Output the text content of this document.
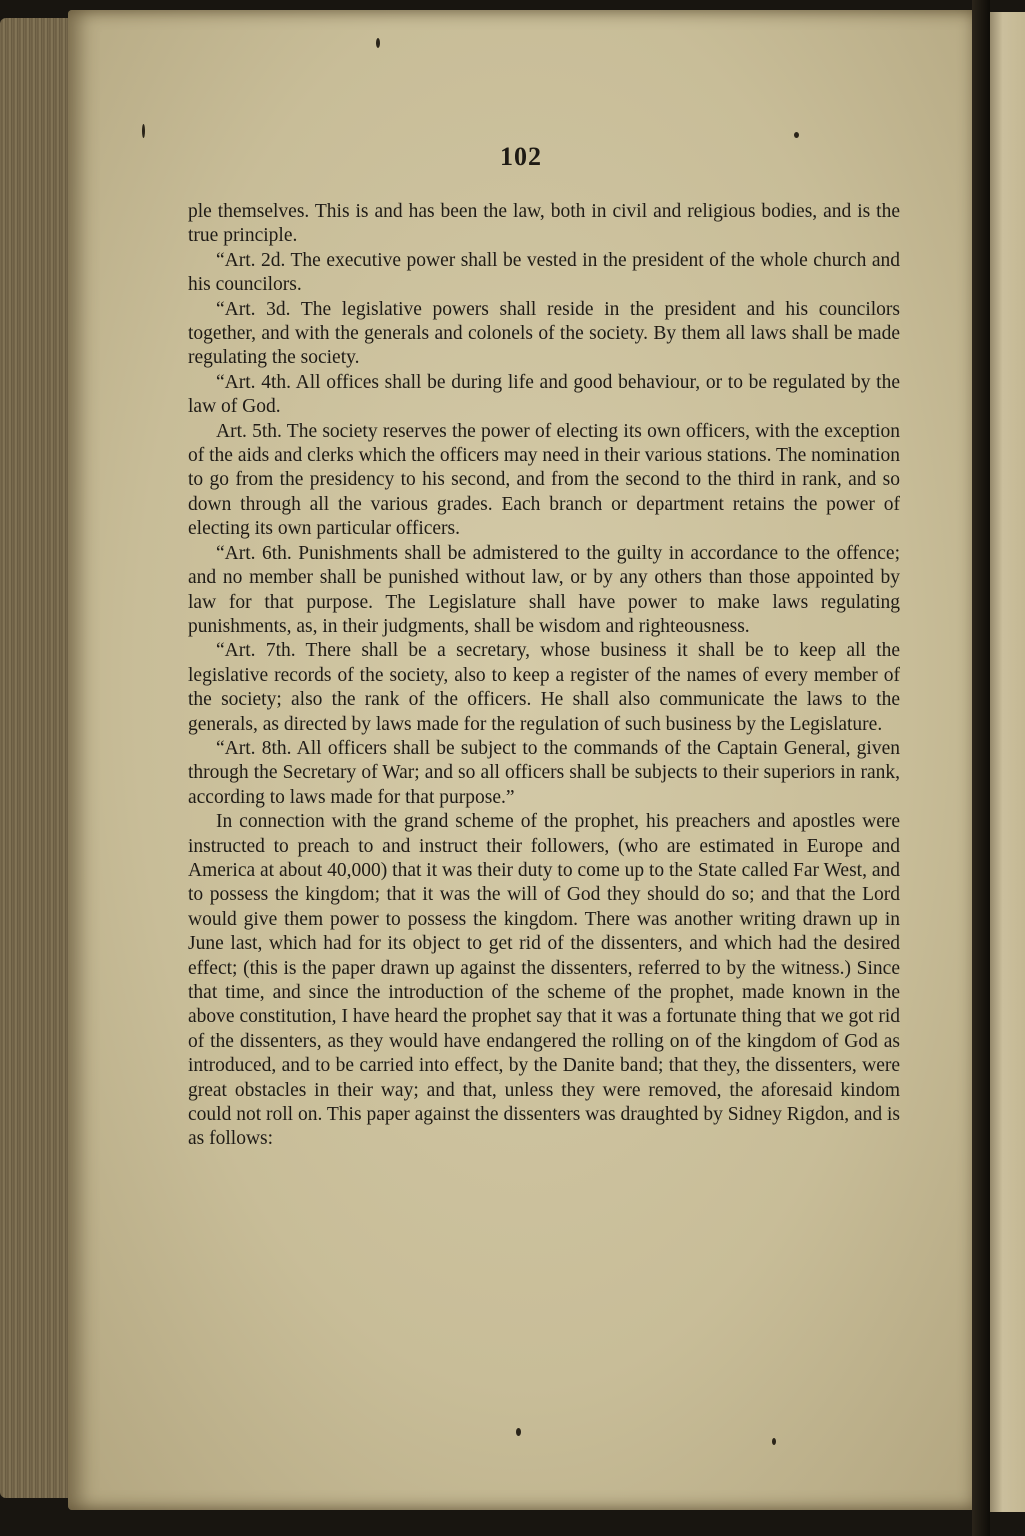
102

ple themselves. This is and has been the law, both in civil and religious bodies, and is the true principle.

“Art. 2d. The executive power shall be vested in the president of the whole church and his councilors.

“Art. 3d. The legislative powers shall reside in the president and his councilors together, and with the generals and colonels of the society. By them all laws shall be made regulating the society.

“Art. 4th. All offices shall be during life and good behaviour, or to be regulated by the law of God.

Art. 5th. The society reserves the power of electing its own officers, with the exception of the aids and clerks which the officers may need in their various stations. The nomination to go from the presidency to his second, and from the second to the third in rank, and so down through all the various grades. Each branch or department retains the power of electing its own particular officers.

“Art. 6th. Punishments shall be admistered to the guilty in accordance to the offence; and no member shall be punished without law, or by any others than those appointed by law for that purpose. The Legislature shall have power to make laws regulating punishments, as, in their judgments, shall be wisdom and righteousness.

“Art. 7th. There shall be a secretary, whose business it shall be to keep all the legislative records of the society, also to keep a register of the names of every member of the society; also the rank of the officers. He shall also communicate the laws to the generals, as directed by laws made for the regulation of such business by the Legislature.

“Art. 8th. All officers shall be subject to the commands of the Captain General, given through the Secretary of War; and so all officers shall be subjects to their superiors in rank, according to laws made for that purpose.”

In connection with the grand scheme of the prophet, his preachers and apostles were instructed to preach to and instruct their followers, (who are estimated in Europe and America at about 40,000) that it was their duty to come up to the State called Far West, and to possess the kingdom; that it was the will of God they should do so; and that the Lord would give them power to possess the kingdom. There was another writing drawn up in June last, which had for its object to get rid of the dissenters, and which had the desired effect; (this is the paper drawn up against the dissenters, referred to by the witness.) Since that time, and since the introduction of the scheme of the prophet, made known in the above constitution, I have heard the prophet say that it was a fortunate thing that we got rid of the dissenters, as they would have endangered the rolling on of the kingdom of God as introduced, and to be carried into effect, by the Danite band; that they, the dissenters, were great obstacles in their way; and that, unless they were removed, the aforesaid kindom could not roll on. This paper against the dissenters was draughted by Sidney Rigdon, and is as follows:
